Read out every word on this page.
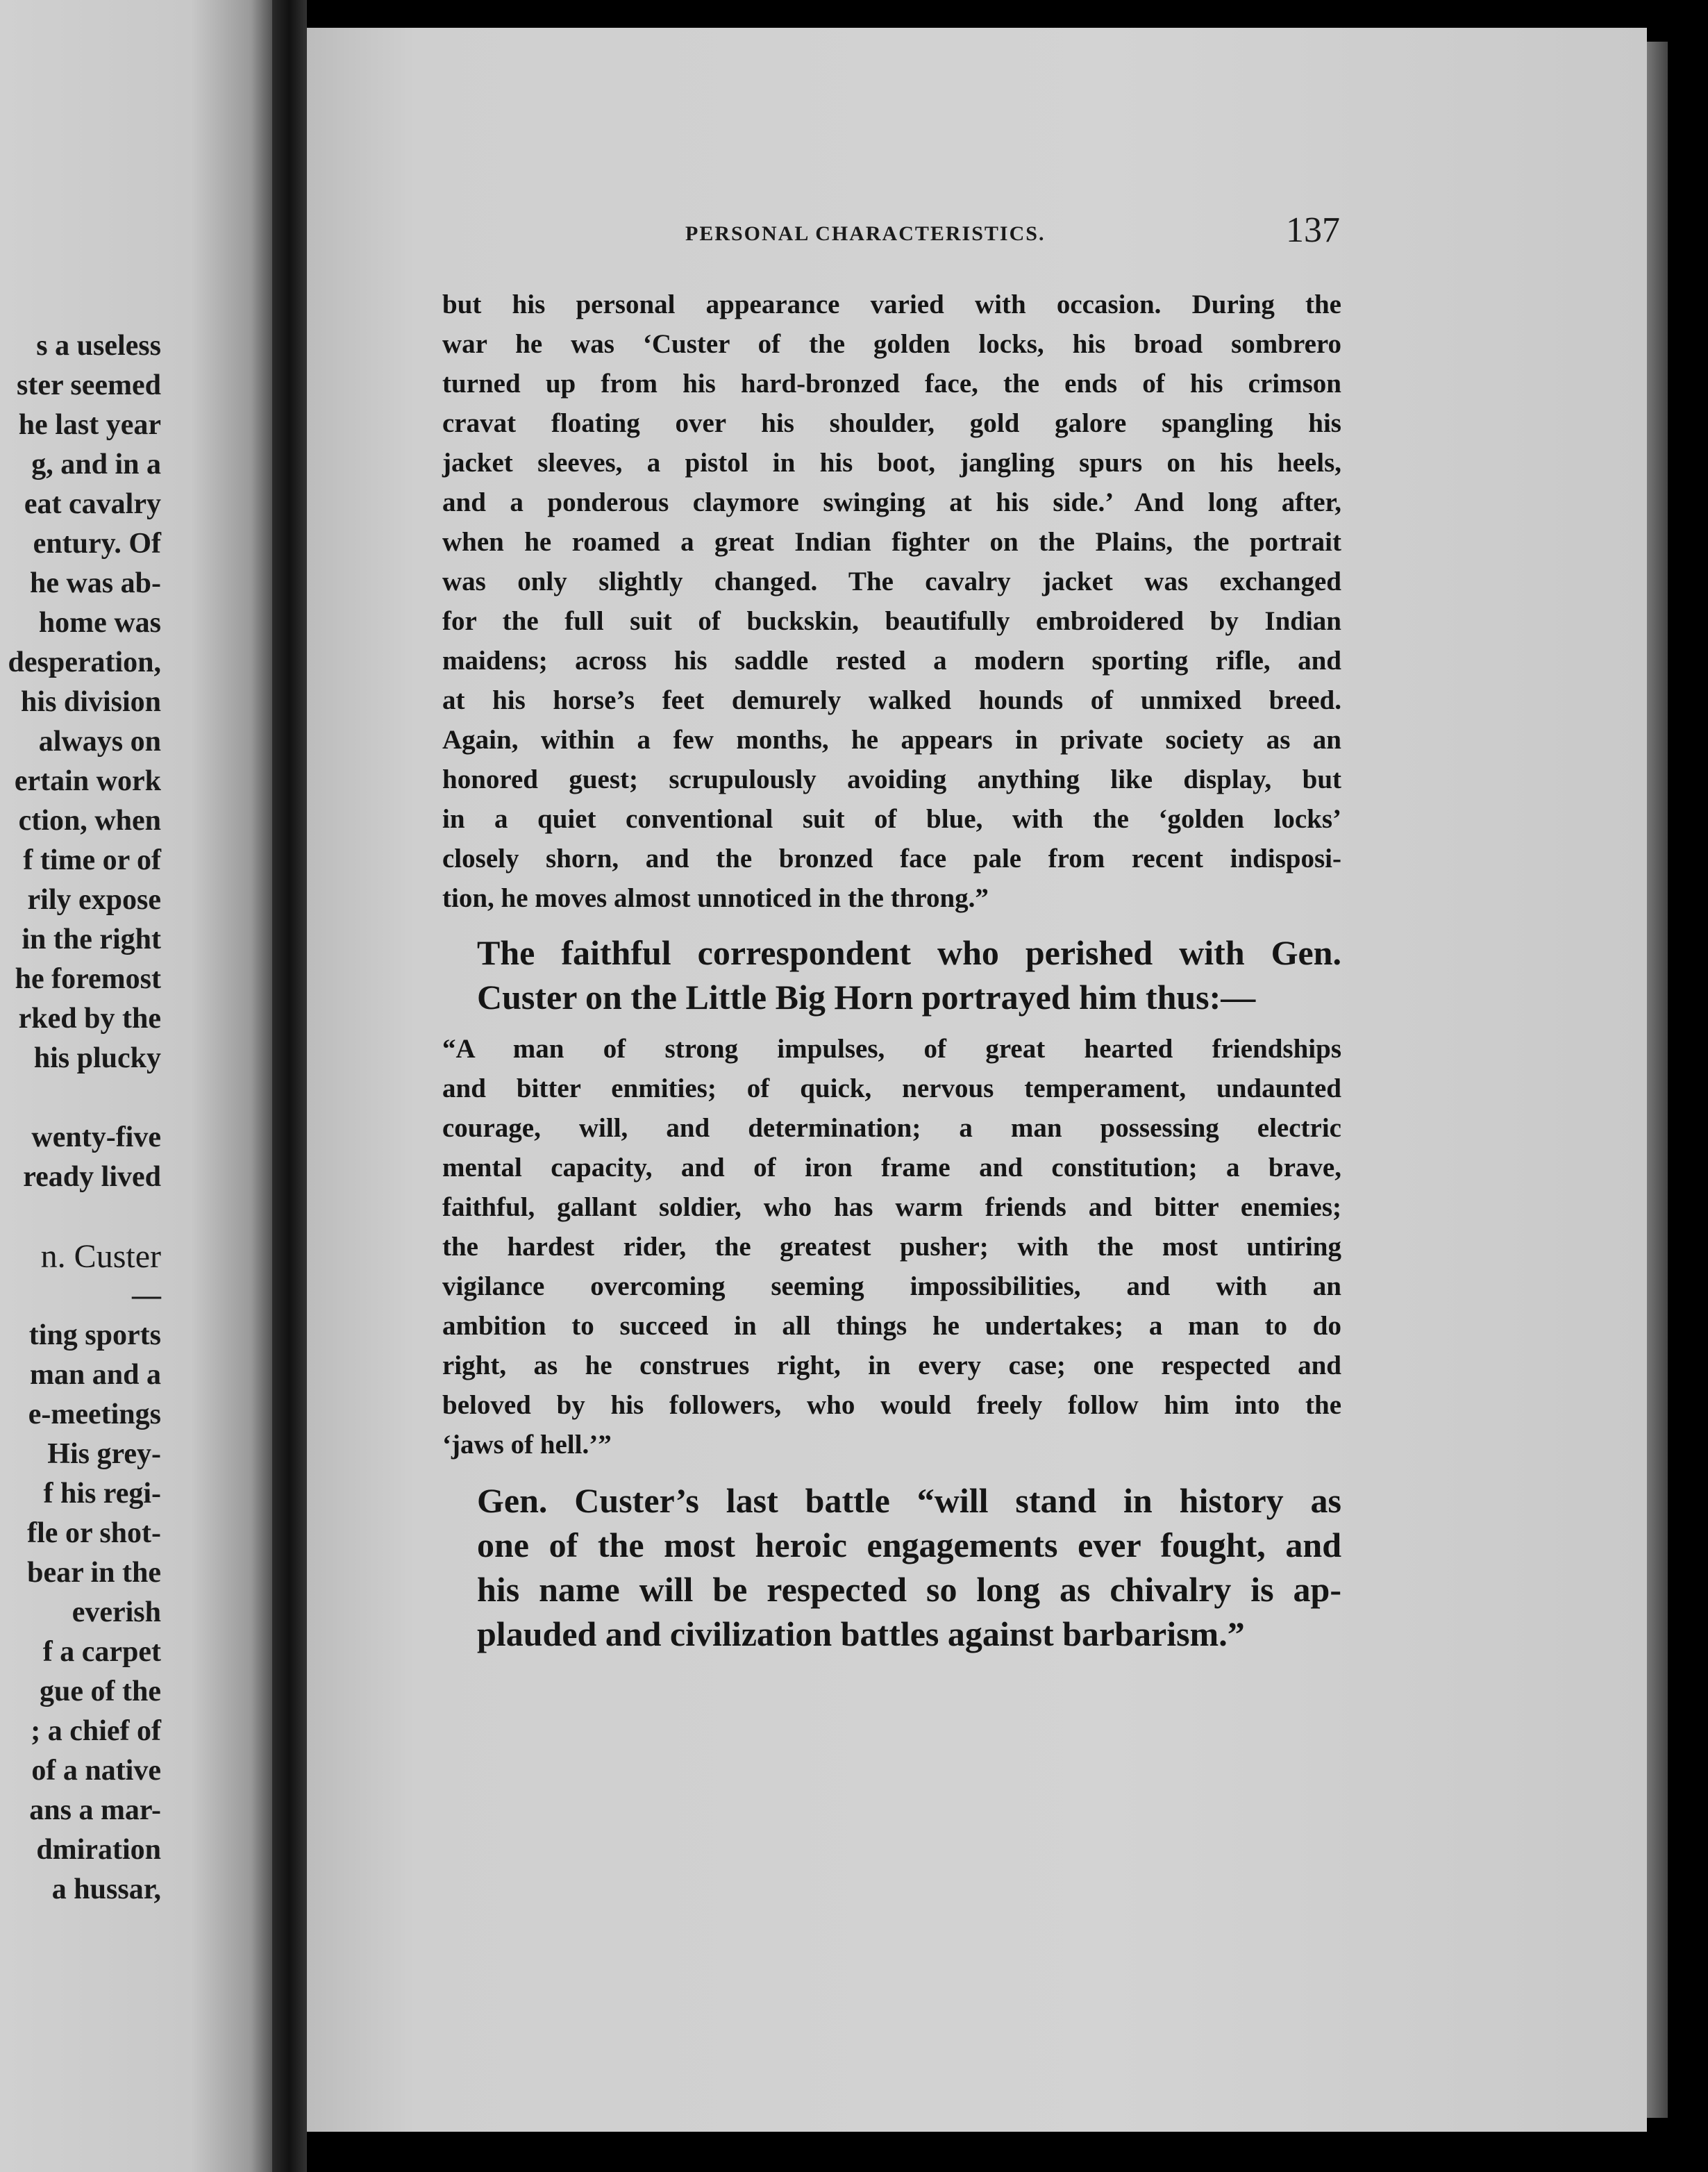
s a useless
ster seemed
he last year
g, and in a
eat cavalry
entury. Of
he was ab-
home was
desperation,
his division
always on
ertain work
ction, when
f time or of
rily expose
in the right
he foremost
rked by the
his plucky
wenty-five
ready lived
n. Custer
—
ting sports
man and a
e-meetings
His grey-
f his regi-
fle or shot-
bear in the
everish
f a carpet
gue of the
; a chief of
of a native
ans a mar-
dmiration
a hussar,
PERSONAL CHARACTERISTICS.	137
but his personal appearance varied with occasion. During the
war he was ‘Custer of the golden locks, his broad sombrero
turned up from his hard-bronzed face, the ends of his crimson
cravat floating over his shoulder, gold galore spangling his
jacket sleeves, a pistol in his boot, jangling spurs on his heels,
and a ponderous claymore swinging at his side.’ And long after,
when he roamed a great Indian fighter on the Plains, the portrait
was only slightly changed. The cavalry jacket was exchanged
for the full suit of buckskin, beautifully embroidered by Indian
maidens; across his saddle rested a modern sporting rifle, and
at his horse’s feet demurely walked hounds of unmixed breed.
Again, within a few months, he appears in private society as an
honored guest; scrupulously avoiding anything like display, but
in a quiet conventional suit of blue, with the ‘golden locks’
closely shorn, and the bronzed face pale from recent indisposi-
tion, he moves almost unnoticed in the throng.”
The faithful correspondent who perished with Gen.
Custer on the Little Big Horn portrayed him thus:—
“A man of strong impulses, of great hearted friendships
and bitter enmities; of quick, nervous temperament, undaunted
courage, will, and determination; a man possessing electric
mental capacity, and of iron frame and constitution; a brave,
faithful, gallant soldier, who has warm friends and bitter enemies;
the hardest rider, the greatest pusher; with the most untiring
vigilance overcoming seeming impossibilities, and with an
ambition to succeed in all things he undertakes; a man to do
right, as he construes right, in every case; one respected and
beloved by his followers, who would freely follow him into the
‘jaws of hell.’”
Gen. Custer’s last battle “will stand in history as
one of the most heroic engagements ever fought, and
his name will be respected so long as chivalry is ap-
plauded and civilization battles against barbarism.”
